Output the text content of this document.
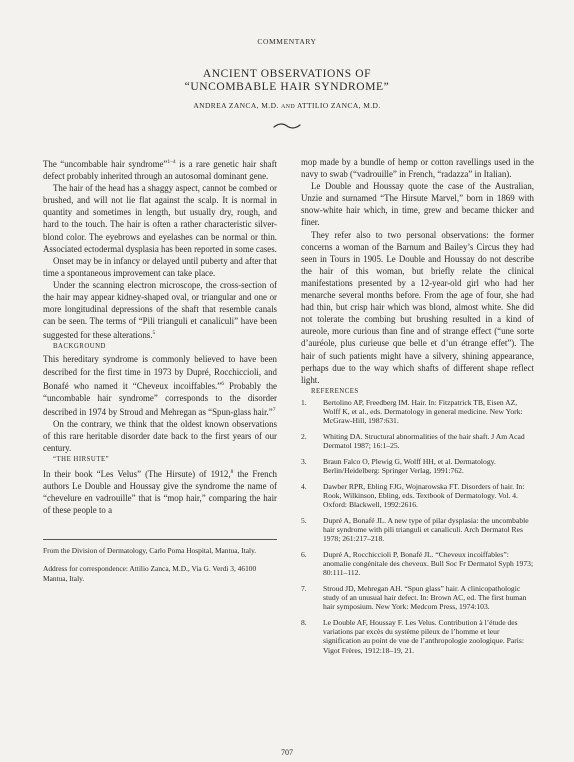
COMMENTARY
ANCIENT OBSERVATIONS OF
“UNCOMBABLE HAIR SYNDROME”
ANDREA ZANCA, M.D. AND ATTILIO ZANCA, M.D.

The “uncombable hair syndrome”$^{1-4}$ is a rare genetic hair shaft defect probably inherited through an autosomal dominant gene.

The hair of the head has a shaggy aspect, cannot be combed or brushed, and will not lie flat against the scalp. It is normal in quantity and sometimes in length, but usually dry, rough, and hard to the touch. The hair is often a rather characteristic silver-blond color. The eyebrows and eyelashes can be normal or thin. Associated ectodermal dysplasia has been reported in some cases.

Onset may be in infancy or delayed until puberty and after that time a spontaneous improvement can take place.

Under the scanning electron microscope, the cross-section of the hair may appear kidney-shaped oval, or triangular and one or more longitudinal depressions of the shaft that resemble canals can be seen. The terms of “Pili trianguli et canaliculi” have been suggested for these alterations.$^5$

BACKGROUND

This hereditary syndrome is commonly believed to have been described for the first time in 1973 by Dupré, Rocchiccioli, and Bonafé who named it “Cheveux incoiffables.”$^6$ Probably the “uncombable hair syndrome” corresponds to the disorder described in 1974 by Stroud and Mehregan as “Spun-glass hair.”$^7$

On the contrary, we think that the oldest known observations of this rare heritable disorder date back to the first years of our century.

“THE HIRSUTE”

In their book “Les Velus” (The Hirsute) of 1912,$^8$ the French authors Le Double and Houssay give the syndrome the name of “chevelure en vadrouille” that is “mop hair,” comparing the hair of these people to a

From the Division of Dermatology, Carlo Poma Hospital, Mantua, Italy.

Address for correspondence: Attilio Zanca, M.D., Via G. Verdi 3, 46100 Mantua, Italy.

mop made by a bundle of hemp or cotton ravellings used in the navy to swab (“vadrouille” in French, “radazza” in Italian).

Le Double and Houssay quote the case of the Australian, Unzie and surnamed “The Hirsute Marvel,” born in 1869 with snow-white hair which, in time, grew and became thicker and finer.

They refer also to two personal observations: the former concerns a woman of the Barnum and Bailey’s Circus they had seen in Tours in 1905. Le Double and Houssay do not describe the hair of this woman, but briefly relate the clinical manifestations presented by a 12-year-old girl who had her menarche several months before. From the age of four, she had had thin, but crisp hair which was blond, almost white. She did not tolerate the combing but brushing resulted in a kind of aureole, more curious than fine and of strange effect (“une sorte d’auréole, plus curieuse que belle et d’un étrange effet”). The hair of such patients might have a silvery, shining appearance, perhaps due to the way which shafts of different shape reflect light.

REFERENCES

1.	Bertolino AP, Freedberg IM. Hair. In: Fitzpatrick TB, Eisen AZ, Wolff K, et al., eds. Dermatology in general medicine. New York: McGraw-Hill, 1987:631.
2.	Whiting DA. Structural abnormalities of the hair shaft. J Am Acad Dermatol 1987; 16:1–25.
3.	Braun Falco O, Plewig G, Wolff HH, et al. Dermatology. Berlin/Heidelberg: Springer Verlag, 1991:762.
4.	Dawber RPR, Ebling FJG, Wojnarowska FT. Disorders of hair. In: Rook, Wilkinson, Ebling, eds. Textbook of Dermatology. Vol. 4. Oxford: Blackwell, 1992:2616.
5.	Dupré A, Bonafé JL. A new type of pilar dysplasia: the uncombable hair syndrome with pili trianguli et canaliculi. Arch Dermatol Res 1978; 261:217–218.
6.	Dupré A, Rocchiccioli P, Bonafé JL. “Cheveux incoiffables”: anomalie congénitale des cheveux. Bull Soc Fr Dermatol Syph 1973; 80:111–112.
7.	Stroud JD, Mehregan AH. “Spun glass” hair. A clinicopathologic study of an unusual hair defect. In: Brown AC, ed. The first human hair symposium. New York: Medcom Press, 1974:103.
8.	Le Double AF, Houssay F. Les Velus. Contribution à l’étude des variations par excès du système pileux de l’homme et leur signification au point de vue de l’anthropologie zoologique. Paris: Vigot Frères, 1912:18–19, 21.
707
